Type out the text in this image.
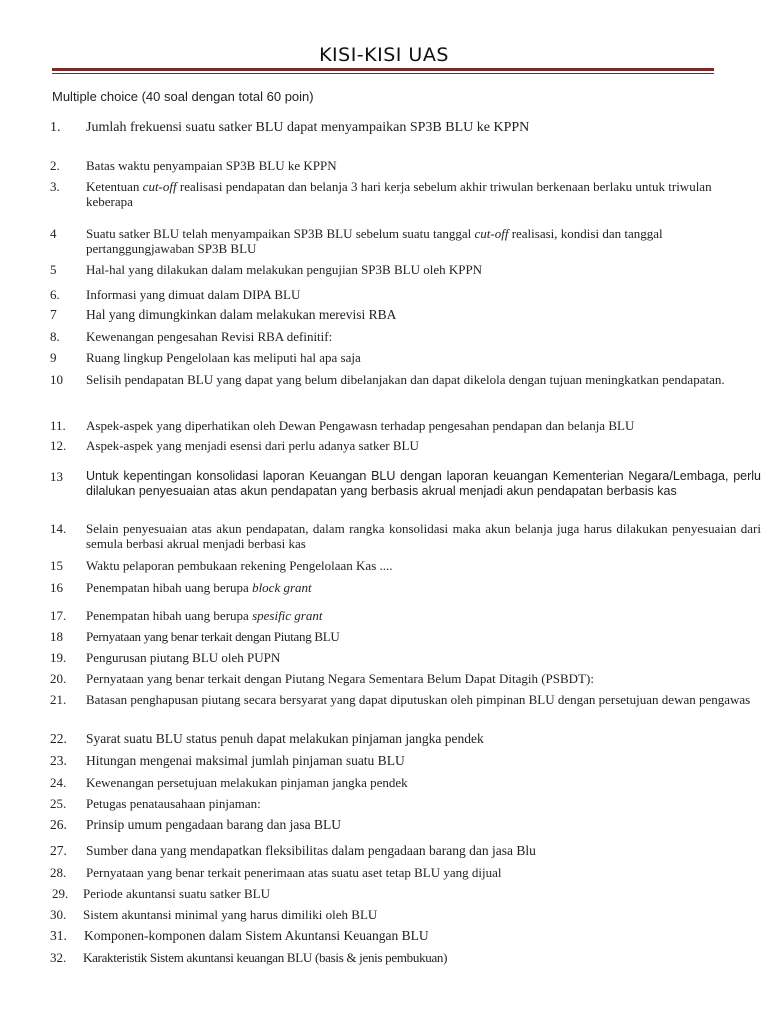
KISI-KISI UAS
Multiple choice (40 soal dengan total 60 poin)
1.	Jumlah frekuensi suatu satker BLU dapat menyampaikan SP3B BLU ke KPPN
2.	Batas waktu penyampaian SP3B BLU ke KPPN
3.	Ketentuan cut-off realisasi pendapatan dan belanja 3 hari kerja sebelum akhir triwulan berkenaan berlaku untuk triwulan keberapa
4	Suatu satker BLU telah menyampaikan SP3B BLU sebelum suatu tanggal cut-off realisasi, kondisi dan tanggal pertanggungjawaban SP3B BLU
5	Hal-hal yang dilakukan dalam melakukan pengujian SP3B BLU oleh KPPN
6.	Informasi yang dimuat dalam DIPA BLU
7	Hal yang dimungkinkan dalam melakukan merevisi RBA
8.	Kewenangan pengesahan Revisi RBA definitif:
9	Ruang lingkup Pengelolaan kas meliputi hal apa saja
10	Selisih pendapatan BLU yang dapat yang belum dibelanjakan dan dapat dikelola dengan tujuan meningkatkan pendapatan.
11.	Aspek-aspek yang diperhatikan oleh Dewan Pengawasn terhadap pengesahan pendapan dan belanja BLU
12.	Aspek-aspek yang menjadi esensi dari perlu adanya satker BLU
13	Untuk kepentingan konsolidasi laporan Keuangan BLU dengan laporan keuangan Kementerian Negara/Lembaga, perlu dilalukan penyesuaian atas akun pendapatan yang berbasis akrual menjadi akun pendapatan berbasis kas
14.	Selain penyesuaian atas akun pendapatan, dalam rangka konsolidasi maka akun belanja juga harus dilakukan penyesuaian dari semula berbasi akrual menjadi berbasi kas
15	Waktu pelaporan pembukaan rekening Pengelolaan Kas ....
16	Penempatan hibah uang berupa block grant
17.	Penempatan hibah uang berupa spesific grant
18	Pernyataan yang benar terkait dengan Piutang BLU
19.	Pengurusan piutang BLU oleh PUPN
20.	Pernyataan yang benar terkait dengan Piutang Negara Sementara Belum Dapat Ditagih (PSBDT):
21.	Batasan penghapusan piutang secara bersyarat yang dapat diputuskan oleh pimpinan BLU dengan persetujuan dewan pengawas
22.	Syarat suatu BLU status penuh dapat melakukan pinjaman jangka pendek
23.	Hitungan mengenai maksimal jumlah pinjaman suatu BLU
24.	Kewenangan persetujuan melakukan pinjaman jangka pendek
25.	Petugas penatausahaan pinjaman:
26.	Prinsip umum pengadaan barang dan jasa BLU
27.	Sumber dana yang mendapatkan fleksibilitas dalam pengadaan barang dan jasa Blu
28.	Pernyataan yang benar terkait penerimaan atas suatu aset tetap BLU yang dijual
29.	Periode akuntansi suatu satker BLU
30.	Sistem akuntansi minimal yang harus dimiliki oleh BLU
31.	Komponen-komponen dalam Sistem Akuntansi Keuangan BLU
32.	Karakteristik Sistem akuntansi keuangan BLU (basis & jenis pembukuan)
